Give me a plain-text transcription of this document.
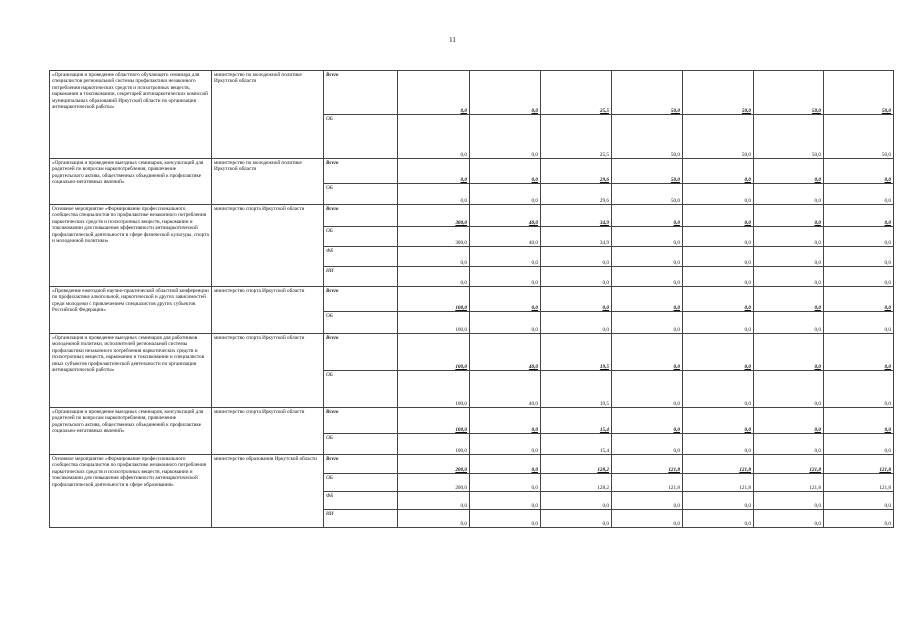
11
«Организация и проведение областного обучающего семинара для специалистов региональной системы профилактики незаконного потребления наркотических средств и психотропных веществ, наркомании и токсикомании, секретарей антинаркотических комиссий муниципальных образований Иркутской области по организации антинаркотической работы»	министерство по молодежной политике Иркутской области	Всего	0,0	0,0	25,5	50,0	50,0	50,0	50,0
		ОБ	0,0	0,0	25,5	50,0	50,0	50,0	50,0
«Организация и проведение выездных семинаров, консультаций для родителей по вопросам наркопотребления, привлечение родительского актива, общественных объединений к профилактике социально-негативных явлений»	министерство по молодежной политике Иркутской области	Всего	0,0	0,0	29,6	50,0	0,0	0,0	0,0
		ОБ	0,0	0,0	29,6	50,0	0,0	0,0	0,0
Основное мероприятие «Формирование профессионального сообщества специалистов по профилактике незаконного потребления наркотических средств и психотропных веществ, наркомании и токсикомании для повышения эффективности антинаркотической профилактической деятельности в сфере физической культуры, спорта и молодежной политики»	министерство спорта Иркутской области	Всего	300,0	40,0	34,9	0,0	0,0	0,0	0,0
		ОБ	300,0	40,0	34,9	0,0	0,0	0,0	0,0
		ФБ	0,0	0,0	0,0	0,0	0,0	0,0	0,0
		ИИ	0,0	0,0	0,0	0,0	0,0	0,0	0,0
«Проведение ежегодной научно-практической областной конференции по профилактике алкогольной, наркотической и других зависимостей среди молодежи с привлечением специалистов других субъектов Российской Федерации»	министерство спорта Иркутской области	Всего	100,0	0,0	0,0	0,0	0,0	0,0	0,0
		ОБ	100,0	0,0	0,0	0,0	0,0	0,0	0,0
«Организация и проведение выездных семинаров для работников молодежной политики, исполнителей региональной системы профилактики незаконного потребления наркотических средств и психотропных веществ, наркомании и токсикомании и специалистов иных субъектов профилактической деятельности по организации антинаркотической работы»	министерство спорта Иркутской области	Всего	100,0	40,0	19,5	0,0	0,0	0,0	0,0
		ОБ	100,0	40,0	19,5	0,0	0,0	0,0	0,0
«Организация и проведение выездных семинаров, консультаций для родителей по вопросам наркопотребления, привлечение родительского актива, общественных объединений к профилактике социально-негативных явлений»	министерство спорта Иркутской области	Всего	100,0	0,0	15,4	0,0	0,0	0,0	0,0
		ОБ	100,0	0,0	15,4	0,0	0,0	0,0	0,0
Основное мероприятие «Формирование профессионального сообщества специалистов по профилактике незаконного потребления наркотических средств и психотропных веществ, наркомании и токсикомании для повышения эффективности антинаркотической профилактической деятельности в сфере образования»	министерство образования Иркутской области	Всего	200,0	0,0	128,2	121,8	121,8	121,8	121,8
		ОБ	200,0	0,0	128,2	121,8	121,8	121,8	121,8
		ФБ	0,0	0,0	0,0	0,0	0,0	0,0	0,0
		ИИ	0,0	0,0	0,0	0,0	0,0	0,0	0,0
